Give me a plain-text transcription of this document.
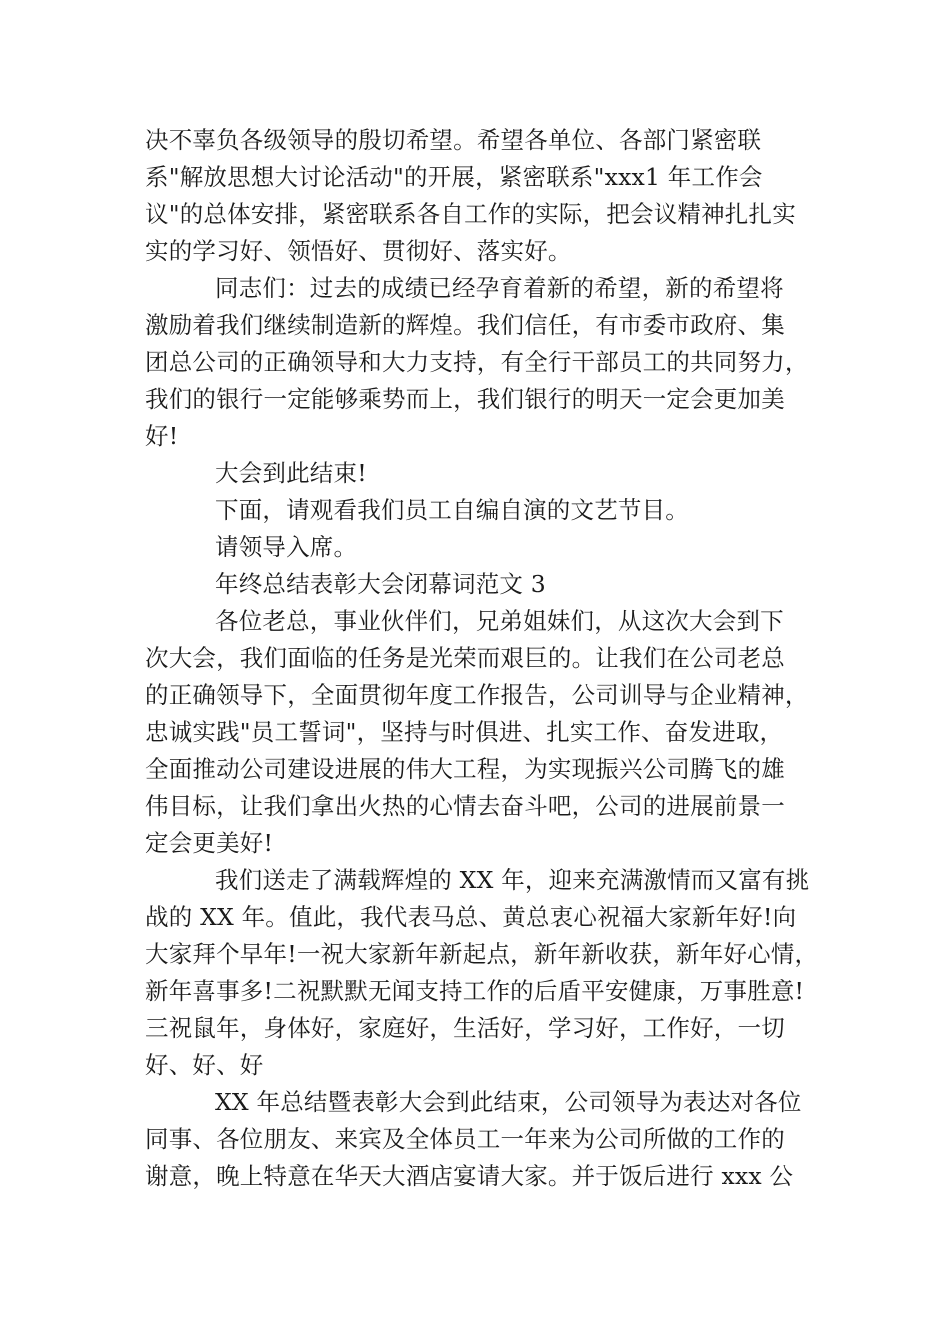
决不辜负各级领导的殷切希望。希望各单位、各部门紧密联
系"解放思想大讨论活动"的开展，紧密联系"xxx1 年工作会
议"的总体安排，紧密联系各自工作的实际，把会议精神扎扎实
实的学习好、领悟好、贯彻好、落实好。
同志们：过去的成绩已经孕育着新的希望，新的希望将
激励着我们继续制造新的辉煌。我们信任，有市委市政府、集
团总公司的正确领导和大力支持，有全行干部员工的共同努力，
我们的银行一定能够乘势而上，我们银行的明天一定会更加美
好!
大会到此结束!
下面，请观看我们员工自编自演的文艺节目。
请领导入席。
年终总结表彰大会闭幕词范文 3
各位老总，事业伙伴们，兄弟姐妹们，从这次大会到下
次大会，我们面临的任务是光荣而艰巨的。让我们在公司老总
的正确领导下，全面贯彻年度工作报告，公司训导与企业精神，
忠诚实践"员工誓词"，坚持与时俱进、扎实工作、奋发进取，
全面推动公司建设进展的伟大工程，为实现振兴公司腾飞的雄
伟目标，让我们拿出火热的心情去奋斗吧，公司的进展前景一
定会更美好!
我们送走了满载辉煌的 XX 年，迎来充满激情而又富有挑
战的 XX 年。值此，我代表马总、黄总衷心祝福大家新年好!向
大家拜个早年!一祝大家新年新起点，新年新收获，新年好心情，
新年喜事多!二祝默默无闻支持工作的后盾平安健康，万事胜意!
三祝鼠年，身体好，家庭好，生活好，学习好，工作好，一切
好、好、好
XX 年总结暨表彰大会到此结束，公司领导为表达对各位
同事、各位朋友、来宾及全体员工一年来为公司所做的工作的
谢意，晚上特意在华天大酒店宴请大家。并于饭后进行 xxx 公
